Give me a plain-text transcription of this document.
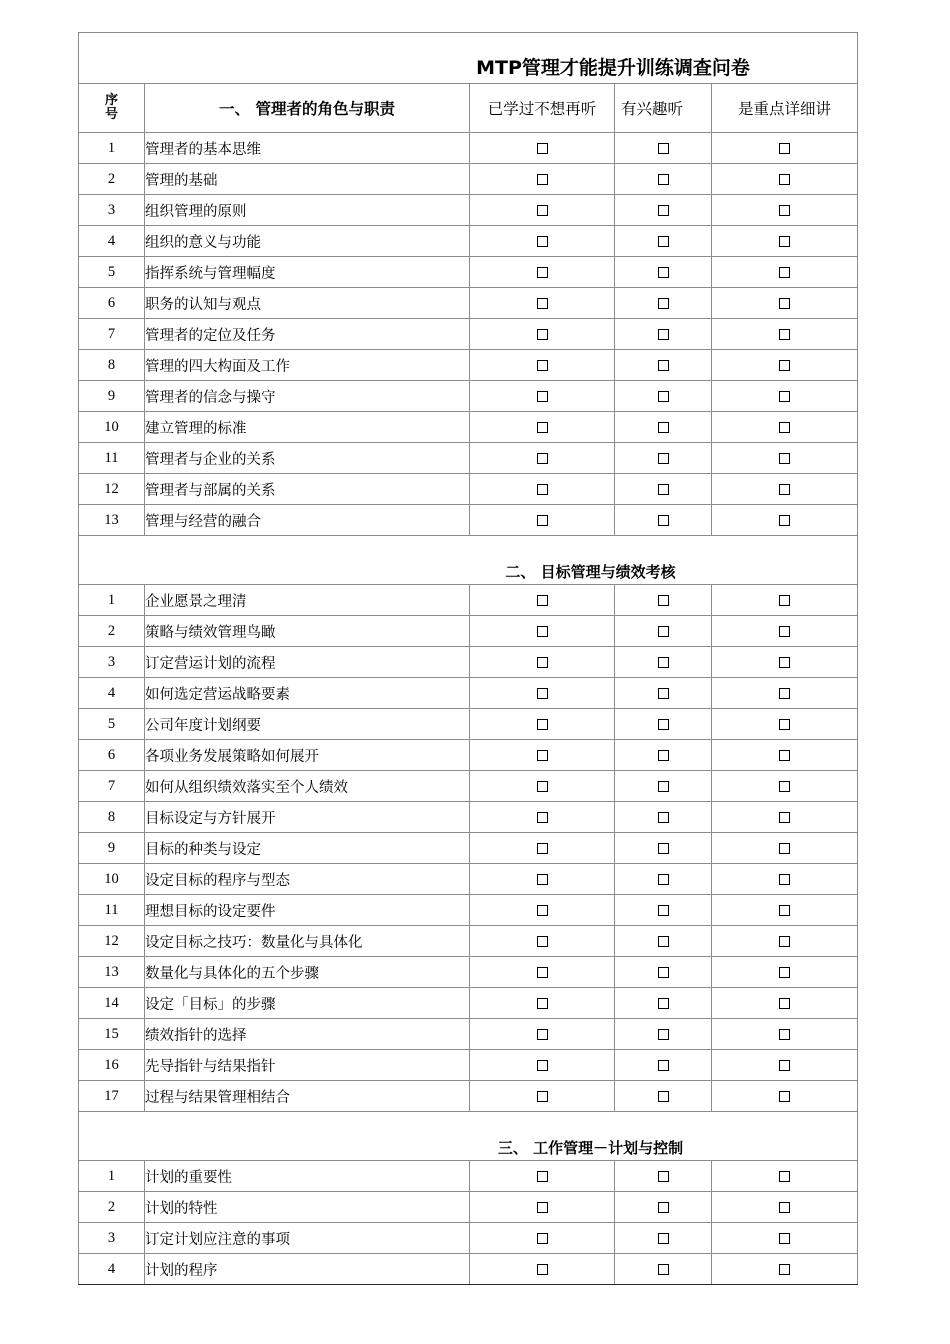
MTP管理才能提升训练调查问卷				

序号	一、 管理者的角色与职责	已学过不想再听	有兴趣听	是重点详细讲
1	管理者的基本思维			
2	管理的基础			
3	组织管理的原则			
4	组织的意义与功能			
5	指挥系统与管理幅度			
6	职务的认知与观点			
7	管理者的定位及任务			
8	管理的四大构面及工作			
9	管理者的信念与操守			
10	建立管理的标准			
11	管理者与企业的关系			
12	管理者与部属的关系			
13	管理与经营的融合			

二、 目标管理与绩效考核				

1	企业愿景之理清			
2	策略与绩效管理鸟瞰			
3	订定营运计划的流程			
4	如何选定营运战略要素			
5	公司年度计划纲要			
6	各项业务发展策略如何展开			
7	如何从组织绩效落实至个人绩效			
8	目标设定与方针展开			
9	目标的种类与设定			
10	设定目标的程序与型态			
11	理想目标的设定要件			
12	设定目标之技巧：数量化与具体化			
13	数量化与具体化的五个步骤			
14	设定「目标」的步骤			
15	绩效指针的选择			
16	先导指针与结果指针			
17	过程与结果管理相结合			

三、 工作管理－计划与控制				

1	计划的重要性			
2	计划的特性			
3	订定计划应注意的事项			
4	计划的程序			
